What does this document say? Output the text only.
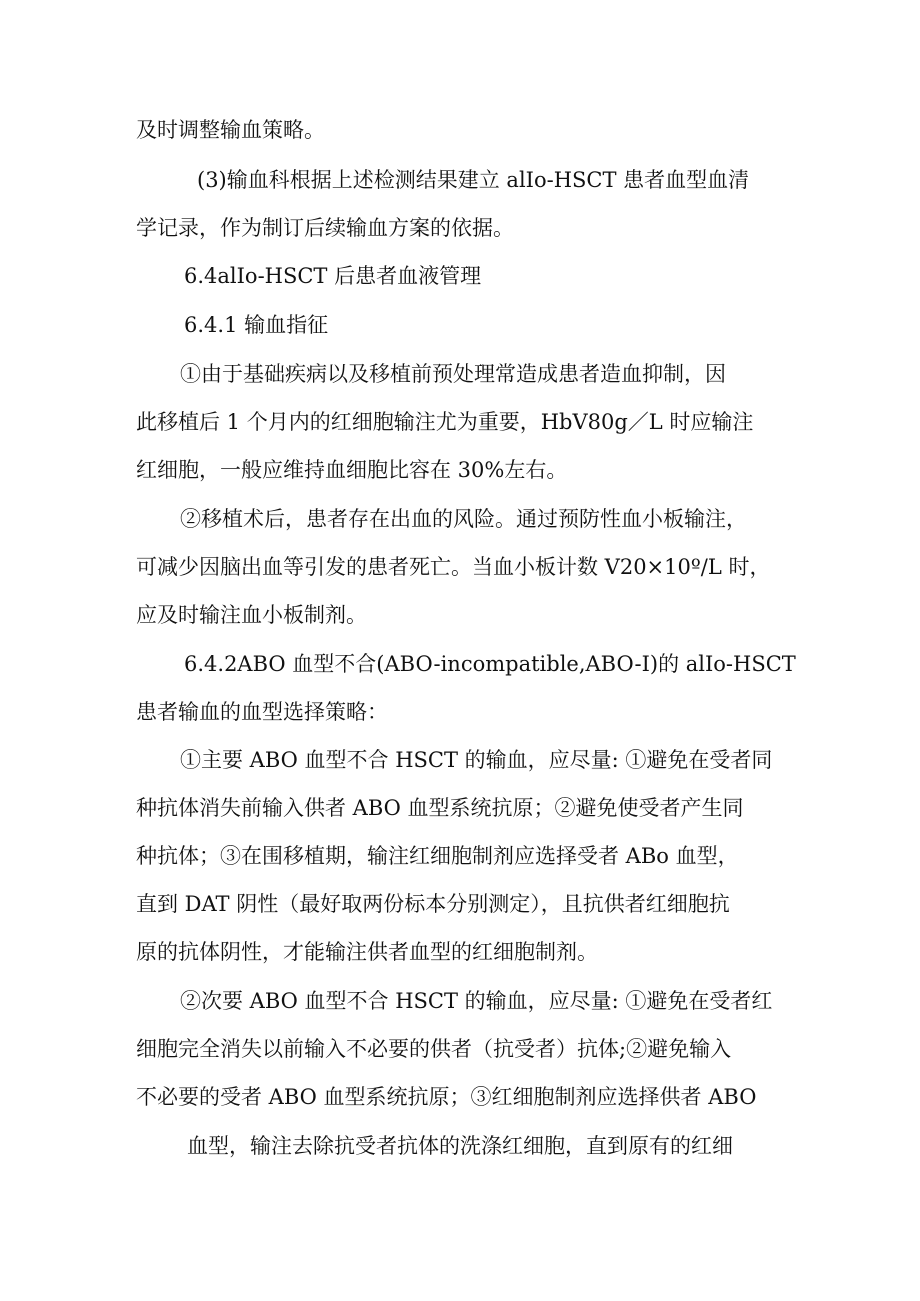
及时调整输血策略。
(3)输血科根据上述检测结果建立 alIo-HSCT 患者血型血清
学记录，作为制订后续输血方案的依据。
6.4alIo-HSCT 后患者血液管理
6.4.1 输血指征
①由于基础疾病以及移植前预处理常造成患者造血抑制，因
此移植后 1 个月内的红细胞输注尤为重要，HbV80g／L 时应输注
红细胞，一般应维持血细胞比容在 30%左右。
②移植术后，患者存在出血的风险。通过预防性血小板输注，
可减少因脑出血等引发的患者死亡。当血小板计数 V20×10º/L 时，
应及时输注血小板制剂。
6.4.2ABO 血型不合(ABO-incompatible,ABO-I)的 alIo-HSCT
患者输血的血型选择策略：
①主要 ABO 血型不合 HSCT 的输血，应尽量: ①避免在受者同
种抗体消失前输入供者 ABO 血型系统抗原；②避免使受者产生同
种抗体；③在围移植期，输注红细胞制剂应选择受者 ABo 血型，
直到 DAT 阴性（最好取两份标本分别测定），且抗供者红细胞抗
原的抗体阴性，才能输注供者血型的红细胞制剂。
②次要 ABO 血型不合 HSCT 的输血，应尽量: ①避免在受者红
细胞完全消失以前输入不必要的供者（抗受者）抗体;②避免输入
不必要的受者 ABO 血型系统抗原；③红细胞制剂应选择供者 ABO
血型，输注去除抗受者抗体的洗涤红细胞，直到原有的红细
